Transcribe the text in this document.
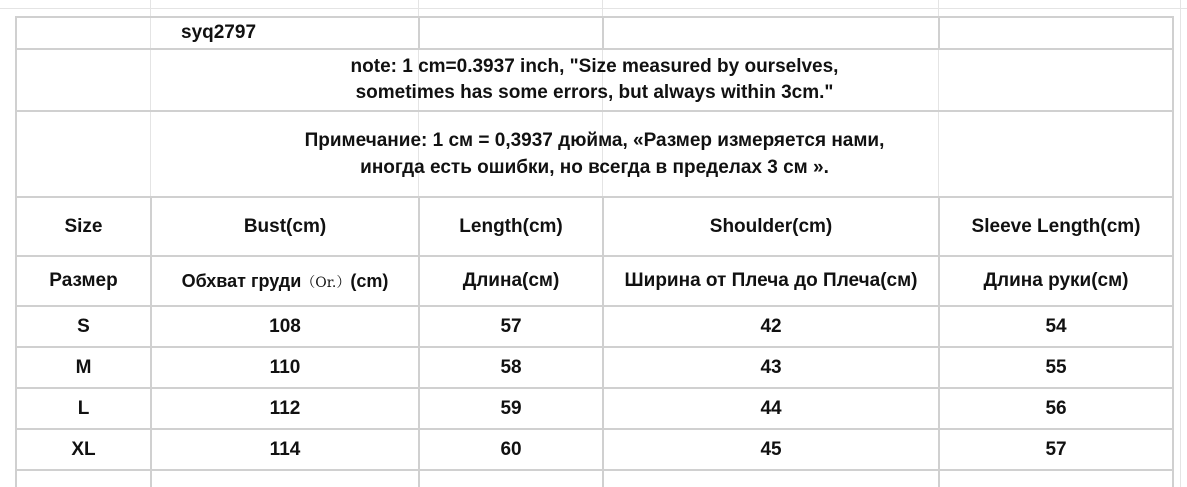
syq2797				

note: 1 cm=0.3937 inch, "Size measured by ourselves,
sometimes has some errors, but always within 3cm."				

Примечание: 1 см = 0,3937 дюйма, «Размер измеряется нами,
иногда есть ошибки, но всегда в пределах 3 см ».				

Size	Bust(cm)	Length(cm)	Shoulder(cm)	Sleeve Length(cm)
Размер	Обхват груди（Or.）(cm)	Длина(см)	Ширина от Плеча до Плеча(см)	Длина руки(см)
S	108	57	42	54
M	110	58	43	55
L	112	59	44	56
XL	114	60	45	57
